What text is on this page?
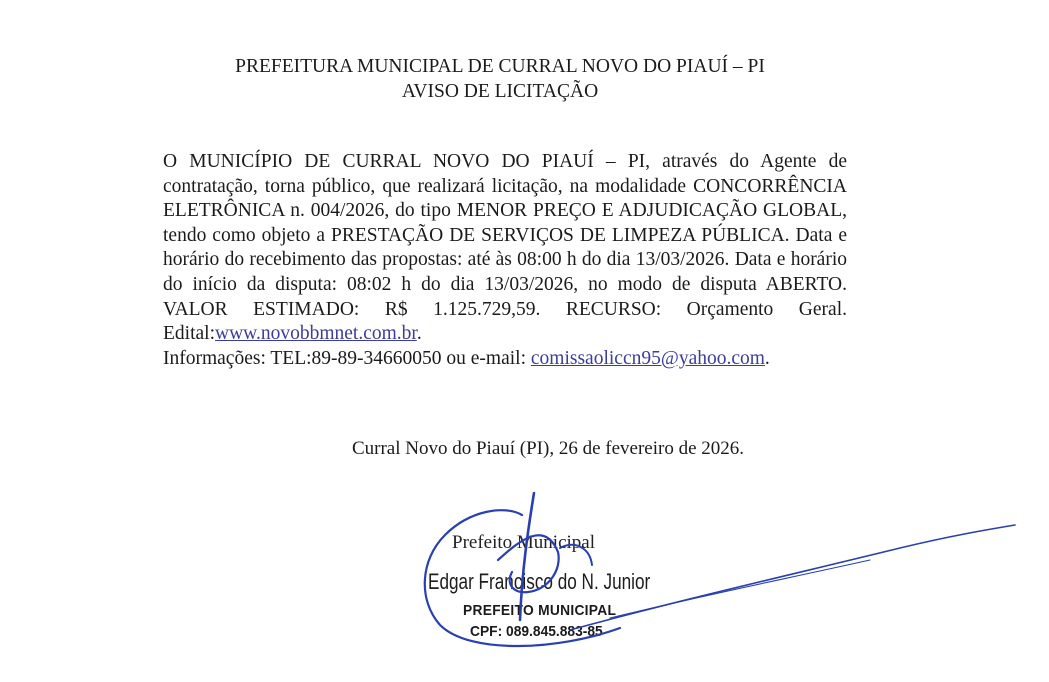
PREFEITURA MUNICIPAL DE CURRAL NOVO DO PIAUÍ – PI
AVISO DE LICITAÇÃO
O MUNICÍPIO DE CURRAL NOVO DO PIAUÍ – PI, através do Agente de contratação, torna público, que realizará licitação, na modalidade CONCORRÊNCIA ELETRÔNICA n. 004/2026, do tipo MENOR PREÇO E ADJUDICAÇÃO GLOBAL, tendo como objeto a PRESTAÇÃO DE SERVIÇOS DE LIMPEZA PÚBLICA. Data e horário do recebimento das propostas: até às 08:00 h do dia 13/03/2026. Data e horário do início da disputa: 08:02 h do dia 13/03/2026, no modo de disputa ABERTO. VALOR ESTIMADO: R$ 1.125.729,59. RECURSO: Orçamento Geral. Edital:www.novobbmnet.com.br.
Informações: TEL:89-89-34660050 ou e-mail: comissaoliccn95@yahoo.com.
Curral Novo do Piauí (PI), 26 de fevereiro de 2026.
Prefeito Municipal
Edgar Francisco do N. Junior
PREFEITO MUNICIPAL
CPF: 089.845.883-85
